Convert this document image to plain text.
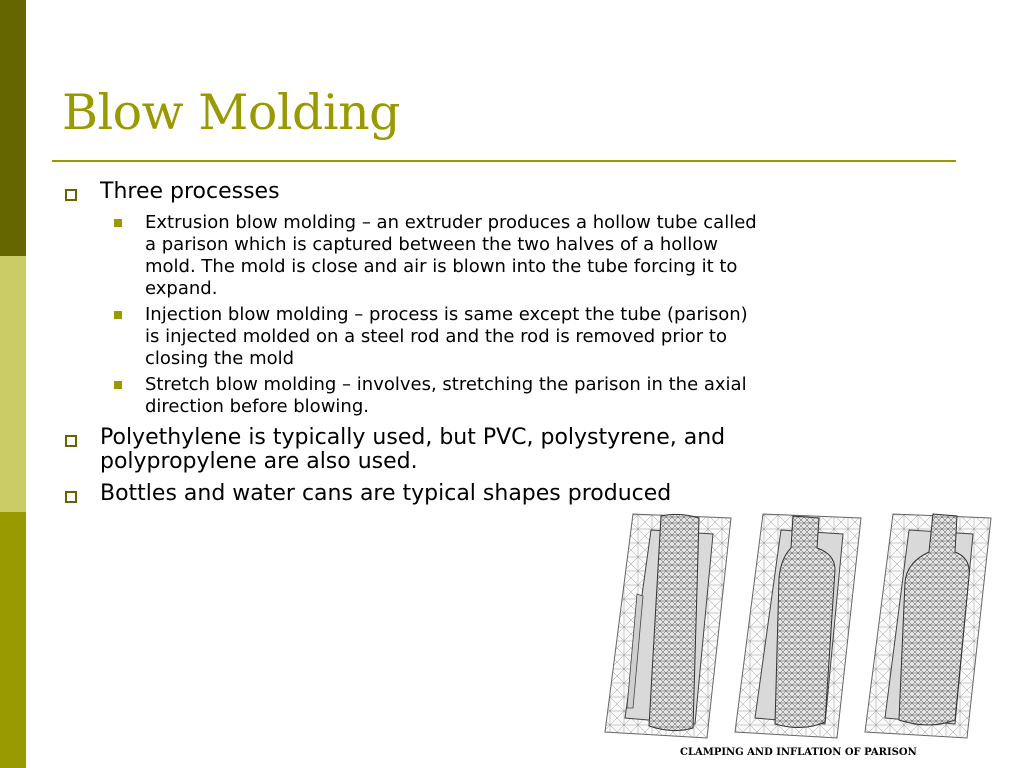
Blow Molding
Three processes
Extrusion blow molding – an extruder produces a hollow tube called a parison which is captured between the two halves of a hollow mold. The mold is close and air is blown into the tube forcing it to expand.
Injection blow molding – process is same except the tube (parison) is injected molded on a steel rod and the rod is removed prior to closing the mold
Stretch blow molding – involves, stretching the parison in the axial direction before blowing.
Polyethylene is typically used, but PVC, polystyrene, and polypropylene are also used.
Bottles and water cans are typical shapes produced
CLAMPING AND INFLATION OF PARISON
